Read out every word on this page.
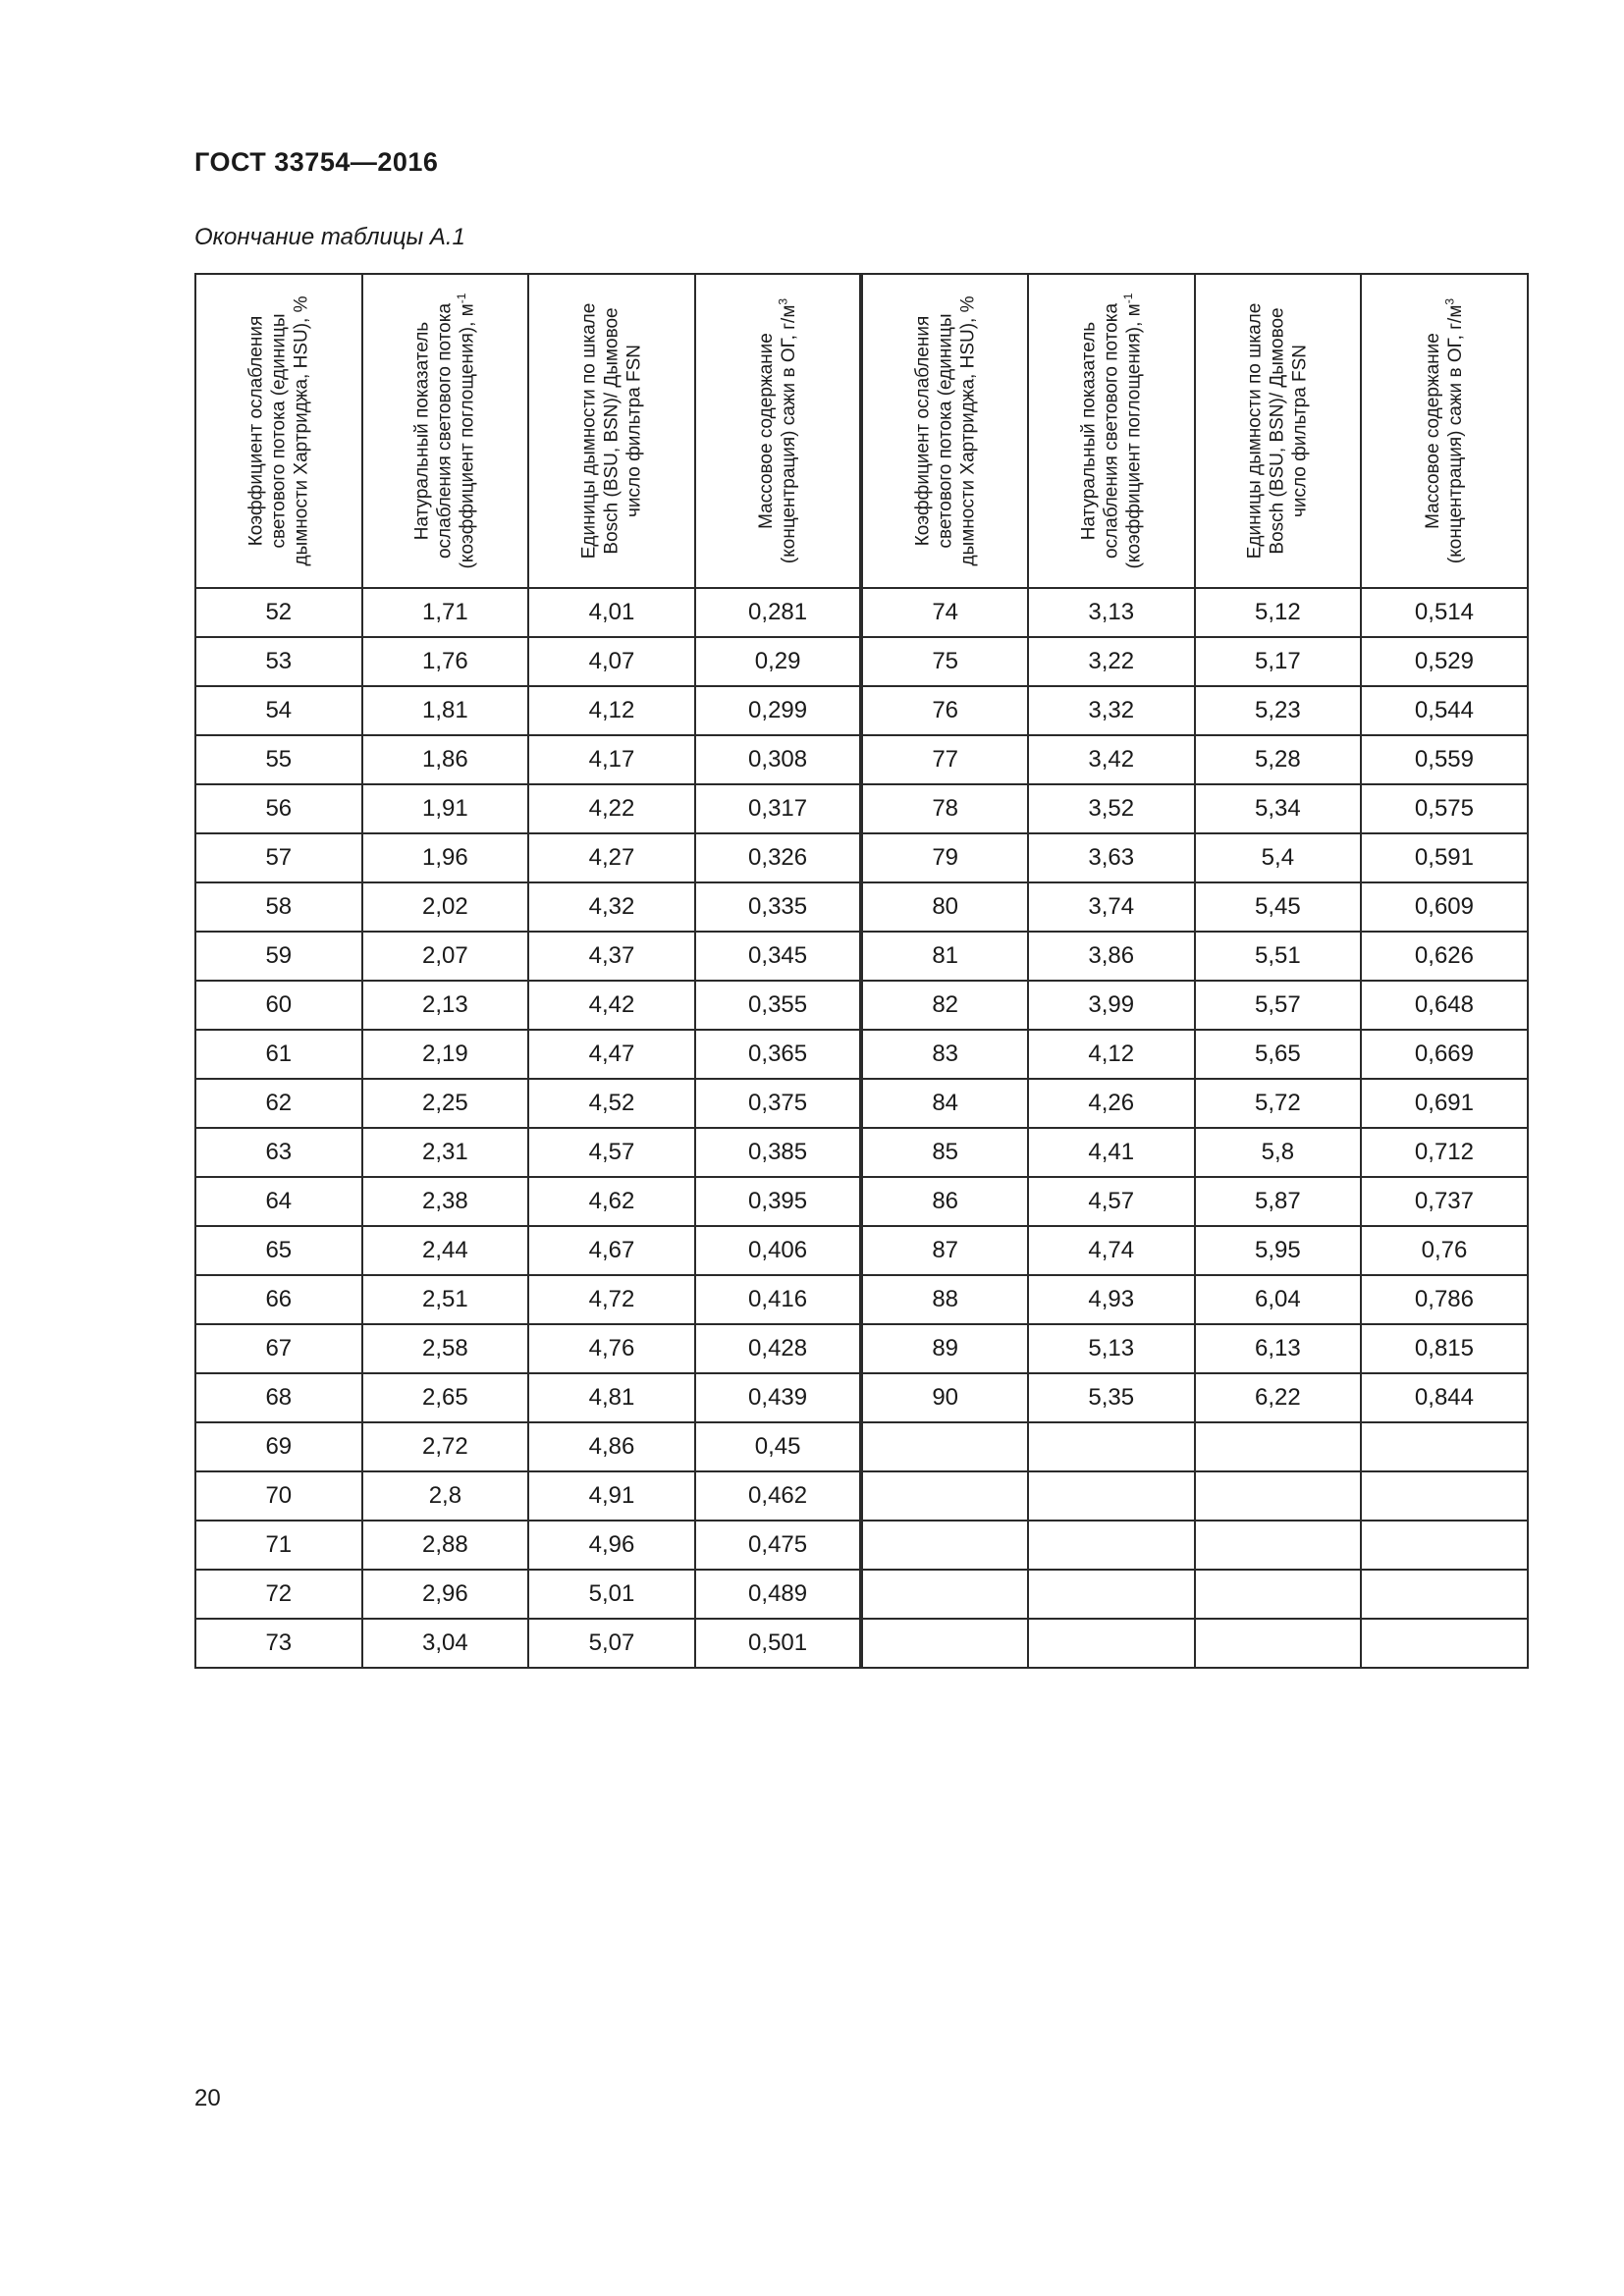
ГОСТ 33754—2016
Окончание таблицы А.1
Коэффициент ослабления светового потока (единицы дымности Хартриджа, HSU), %	Натуральный показатель ослабления светового потока (коэффициент поглощения), $м^{-1}$	Единицы дымности по шкале Bosch (BSU, BSN)/ Дымовое число фильтра FSN	Массовое содержание (концентрация) сажи в ОГ, $г/м^3$	Коэффициент ослабления светового потока (единицы дымности Хартриджа, HSU), %	Натуральный показатель ослабления светового потока (коэффициент поглощения), $м^{-1}$	Единицы дымности по шкале Bosch (BSU, BSN)/ Дымовое число фильтра FSN	Массовое содержание (концентрация) сажи в ОГ, $г/м^3$

52	1,71	4,01	0,281	74	3,13	5,12	0,514
53	1,76	4,07	0,29	75	3,22	5,17	0,529
54	1,81	4,12	0,299	76	3,32	5,23	0,544
55	1,86	4,17	0,308	77	3,42	5,28	0,559
56	1,91	4,22	0,317	78	3,52	5,34	0,575
57	1,96	4,27	0,326	79	3,63	5,4	0,591
58	2,02	4,32	0,335	80	3,74	5,45	0,609
59	2,07	4,37	0,345	81	3,86	5,51	0,626
60	2,13	4,42	0,355	82	3,99	5,57	0,648
61	2,19	4,47	0,365	83	4,12	5,65	0,669
62	2,25	4,52	0,375	84	4,26	5,72	0,691
63	2,31	4,57	0,385	85	4,41	5,8	0,712
64	2,38	4,62	0,395	86	4,57	5,87	0,737
65	2,44	4,67	0,406	87	4,74	5,95	0,76
66	2,51	4,72	0,416	88	4,93	6,04	0,786
67	2,58	4,76	0,428	89	5,13	6,13	0,815
68	2,65	4,81	0,439	90	5,35	6,22	0,844
69	2,72	4,86	0,45				
70	2,8	4,91	0,462				
71	2,88	4,96	0,475				
72	2,96	5,01	0,489				
73	3,04	5,07	0,501				
20
